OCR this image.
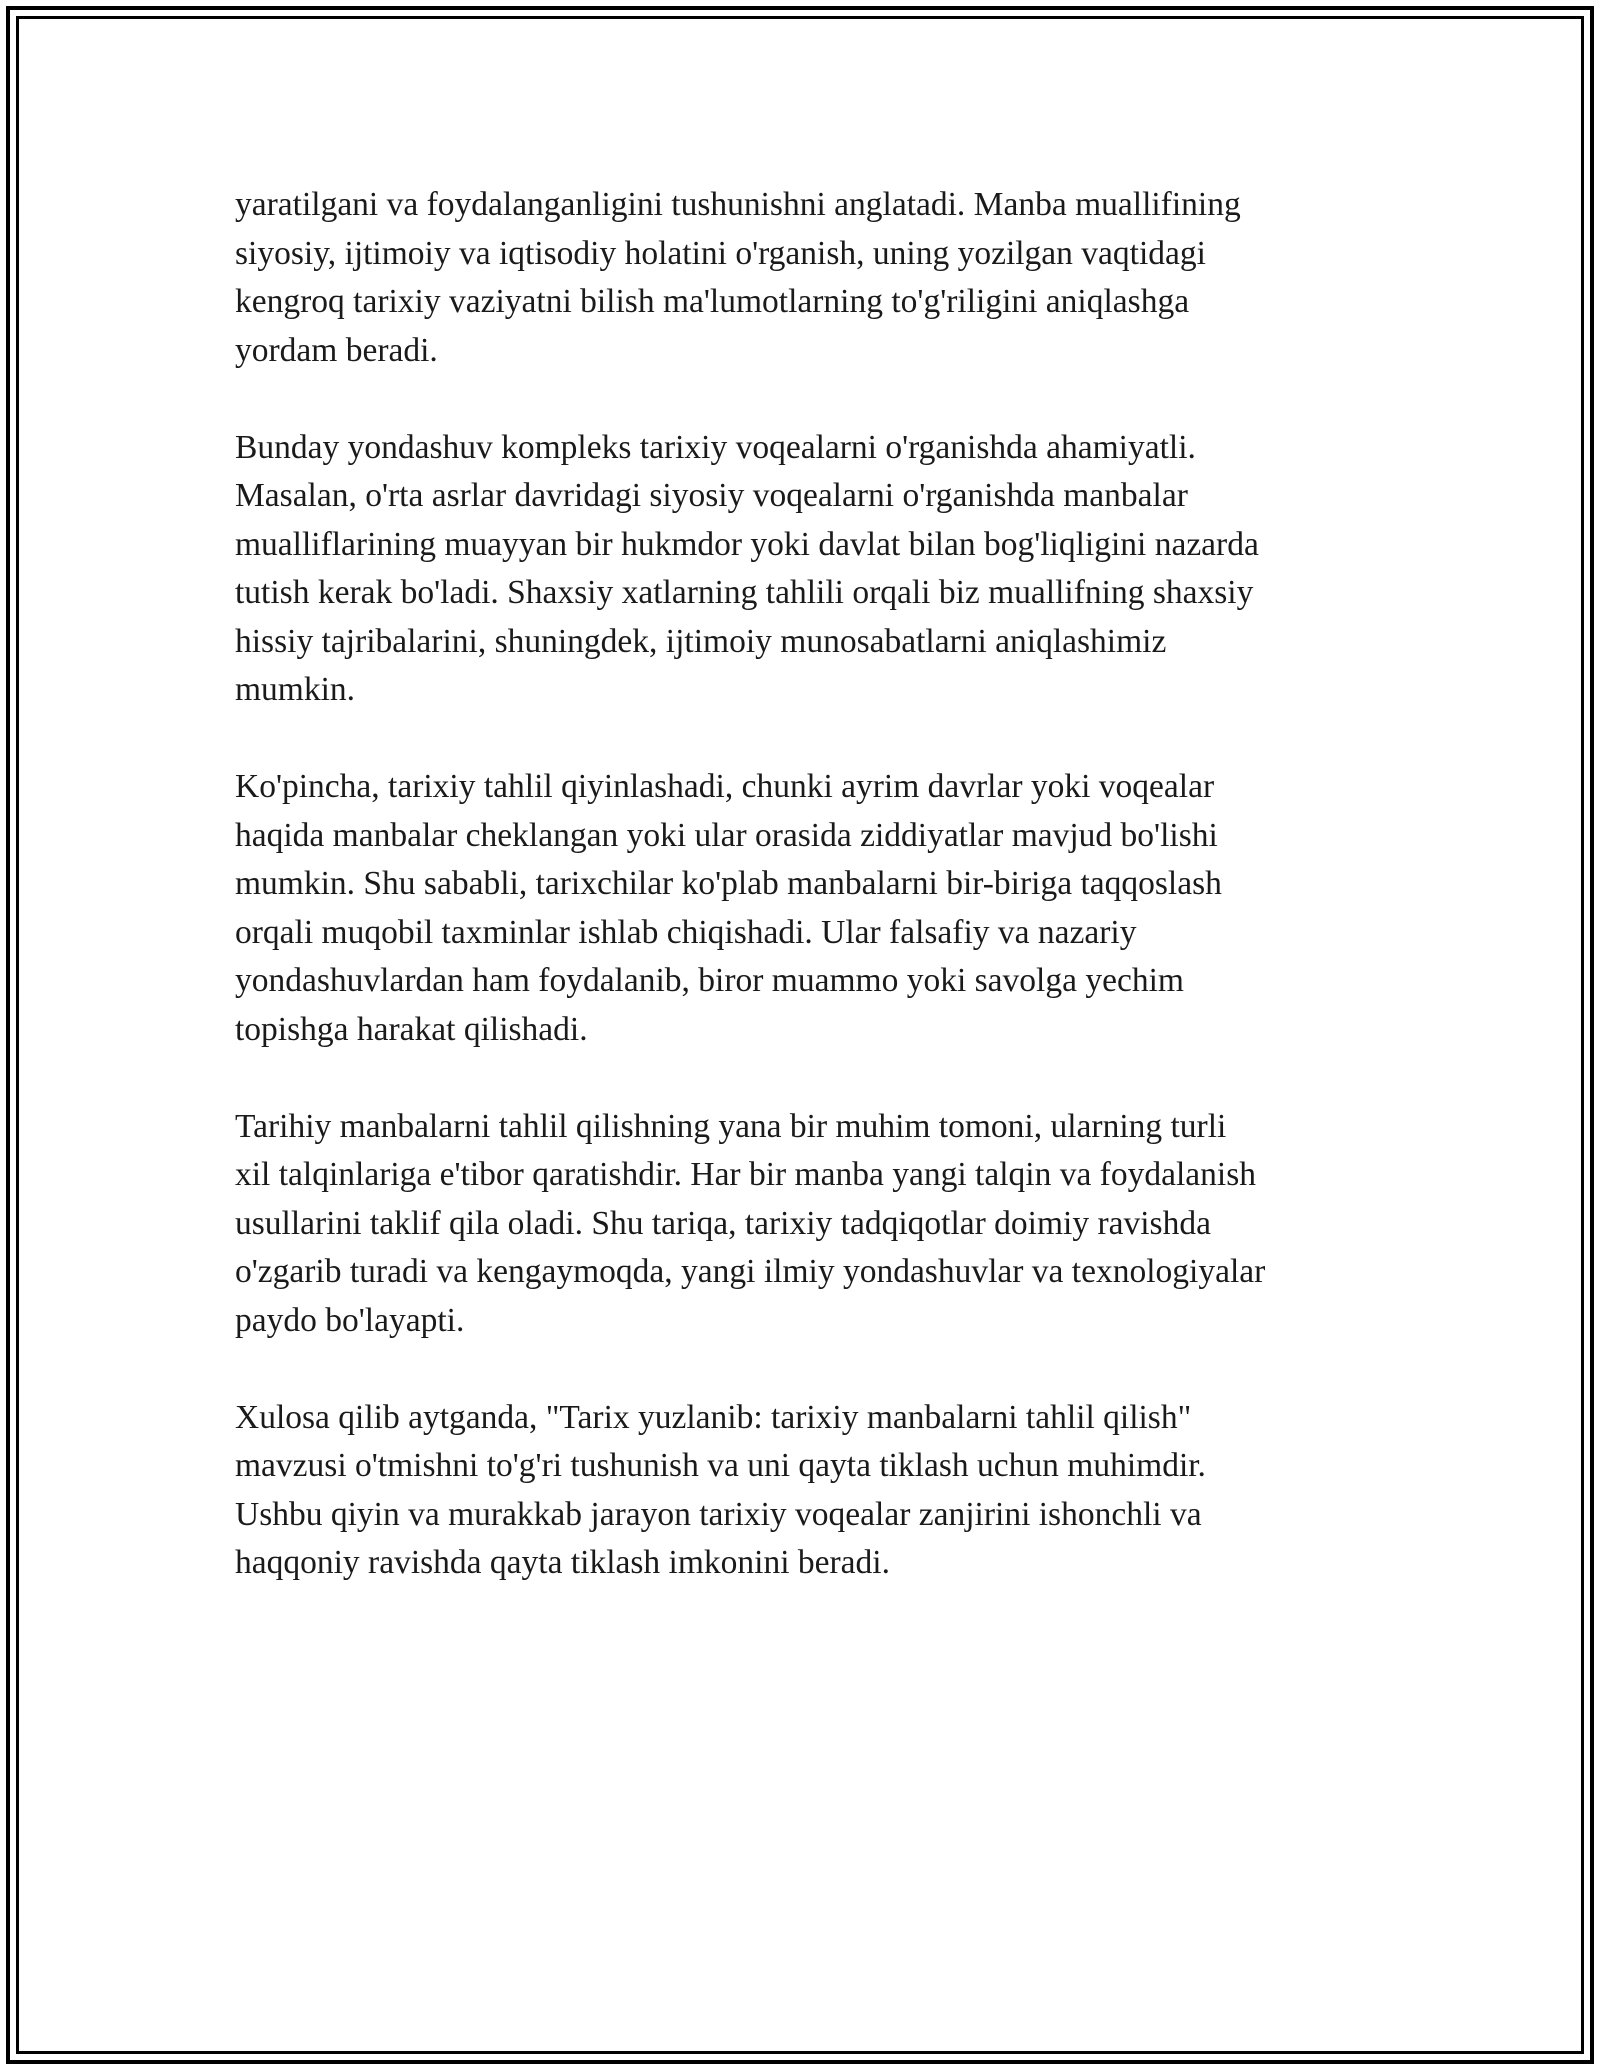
yaratilgani va foydalanganligini tushunishni anglatadi. Manba muallifining
siyosiy, ijtimoiy va iqtisodiy holatini o'rganish, uning yozilgan vaqtidagi
kengroq tarixiy vaziyatni bilish ma'lumotlarning to'g'riligini aniqlashga
yordam beradi.

Bunday yondashuv kompleks tarixiy voqealarni o'rganishda ahamiyatli.
Masalan, o'rta asrlar davridagi siyosiy voqealarni o'rganishda manbalar
mualliflarining muayyan bir hukmdor yoki davlat bilan bog'liqligini nazarda
tutish kerak bo'ladi. Shaxsiy xatlarning tahlili orqali biz muallifning shaxsiy
hissiy tajribalarini, shuningdek, ijtimoiy munosabatlarni aniqlashimiz
mumkin.

Ko'pincha, tarixiy tahlil qiyinlashadi, chunki ayrim davrlar yoki voqealar
haqida manbalar cheklangan yoki ular orasida ziddiyatlar mavjud bo'lishi
mumkin. Shu sababli, tarixchilar ko'plab manbalarni bir-biriga taqqoslash
orqali muqobil taxminlar ishlab chiqishadi. Ular falsafiy va nazariy
yondashuvlardan ham foydalanib, biror muammo yoki savolga yechim
topishga harakat qilishadi.

Tarihiy manbalarni tahlil qilishning yana bir muhim tomoni, ularning turli
xil talqinlariga e'tibor qaratishdir. Har bir manba yangi talqin va foydalanish
usullarini taklif qila oladi. Shu tariqa, tarixiy tadqiqotlar doimiy ravishda
o'zgarib turadi va kengaymoqda, yangi ilmiy yondashuvlar va texnologiyalar
paydo bo'layapti.

Xulosa qilib aytganda, "Tarix yuzlanib: tarixiy manbalarni tahlil qilish"
mavzusi o'tmishni to'g'ri tushunish va uni qayta tiklash uchun muhimdir.
Ushbu qiyin va murakkab jarayon tarixiy voqealar zanjirini ishonchli va
haqqoniy ravishda qayta tiklash imkonini beradi.
